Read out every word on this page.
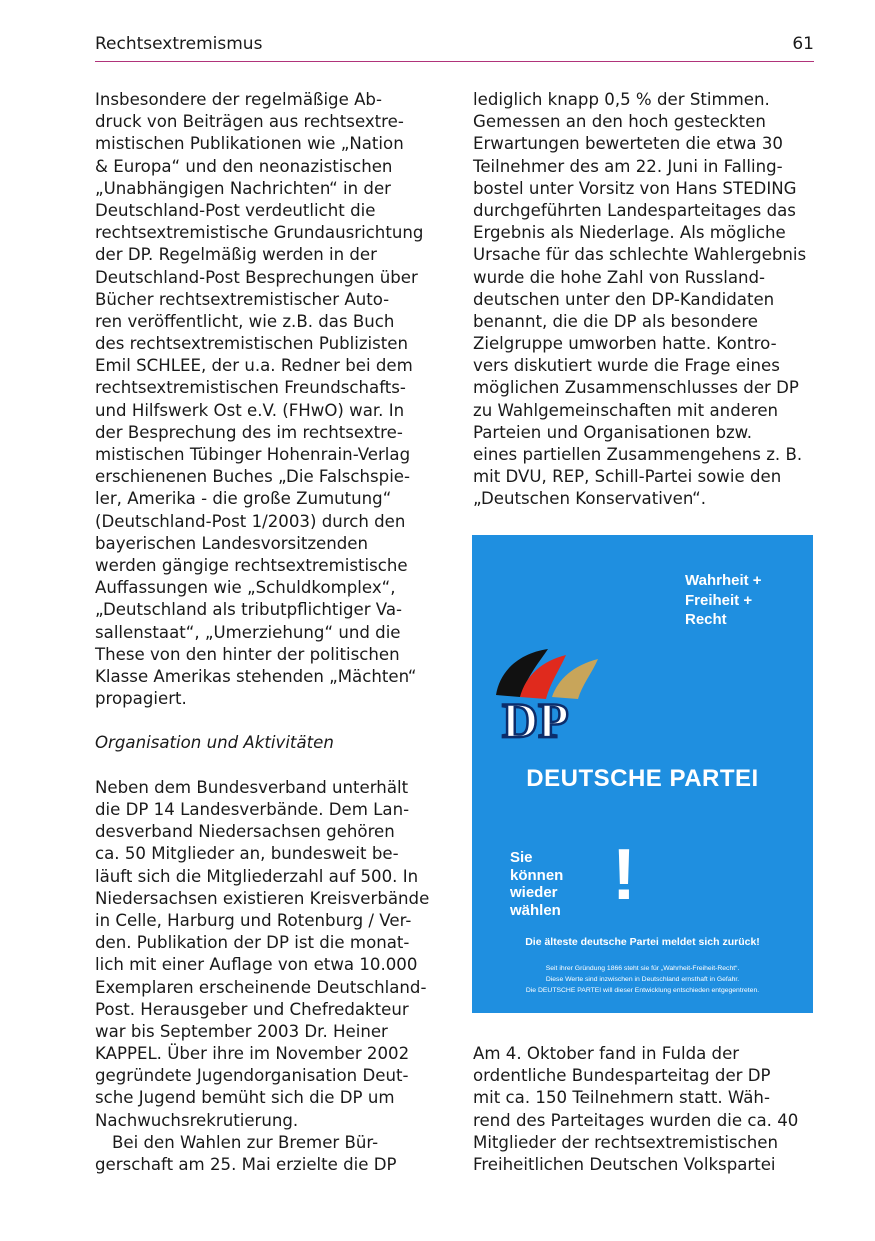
Rechtsextremismus	61
Insbesondere der regelmäßige Ab-
druck von Beiträgen aus rechtsextre-
mistischen Publikationen wie „Nation
& Europa“ und den neonazistischen
„Unabhängigen Nachrichten“ in der
Deutschland-Post verdeutlicht die
rechtsextremistische Grundausrichtung
der DP. Regelmäßig werden in der
Deutschland-Post Besprechungen über
Bücher rechtsextremistischer Auto-
ren veröffentlicht, wie z.B. das Buch
des rechtsextremistischen Publizisten
Emil SCHLEE, der u.a. Redner bei dem
rechtsextremistischen Freundschafts-
und Hilfswerk Ost e.V. (FHwO) war. In
der Besprechung des im rechtsextre-
mistischen Tübinger Hohenrain-Verlag
erschienenen Buches „Die Falschspie-
ler, Amerika - die große Zumutung“
(Deutschland-Post 1/2003) durch den
bayerischen Landesvorsitzenden
werden gängige rechtsextremistische
Auffassungen wie „Schuldkomplex“,
„Deutschland als tributpflichtiger Va-
sallenstaat“, „Umerziehung“ und die
These von den hinter der politischen
Klasse Amerikas stehenden „Mächten“
propagiert.
Organisation und Aktivitäten
Neben dem Bundesverband unterhält
die DP 14 Landesverbände. Dem Lan-
desverband Niedersachsen gehören
ca. 50 Mitglieder an, bundesweit be-
läuft sich die Mitgliederzahl auf 500. In
Niedersachsen existieren Kreisverbände
in Celle, Harburg und Rotenburg / Ver-
den. Publikation der DP ist die monat-
lich mit einer Auflage von etwa 10.000
Exemplaren erscheinende Deutschland-
Post. Herausgeber und Chefredakteur
war bis September 2003 Dr. Heiner
KAPPEL. Über ihre im November 2002
gegründete Jugendorganisation Deut-
sche Jugend bemüht sich die DP um
Nachwuchsrekrutierung.
Bei den Wahlen zur Bremer Bür-
gerschaft am 25. Mai erzielte die DP
lediglich knapp 0,5 % der Stimmen.
Gemessen an den hoch gesteckten
Erwartungen bewerteten die etwa 30
Teilnehmer des am 22. Juni in Falling-
bostel unter Vorsitz von Hans STEDING
durchgeführten Landesparteitages das
Ergebnis als Niederlage. Als mögliche
Ursache für das schlechte Wahlergebnis
wurde die hohe Zahl von Russland-
deutschen unter den DP-Kandidaten
benannt, die die DP als besondere
Zielgruppe umworben hatte. Kontro-
vers diskutiert wurde die Frage eines
möglichen Zusammenschlusses der DP
zu Wahlgemeinschaften mit anderen
Parteien und Organisationen bzw.
eines partiellen Zusammengehens z. B.
mit DVU, REP, Schill-Partei sowie den
„Deutschen Konservativen“.
Wahrheit +
Freiheit +
Recht
DP
DEUTSCHE PARTEI
Sie
können
wieder
wählen !
Die älteste deutsche Partei meldet sich zurück!
Seit ihrer Gründung 1866 steht sie für „Wahrheit-Freiheit-Recht“.
Diese Werte sind inzwischen in Deutschland ernsthaft in Gefahr.
Die DEUTSCHE PARTEI will dieser Entwicklung entschieden entgegentreten.
Am 4. Oktober fand in Fulda der
ordentliche Bundesparteitag der DP
mit ca. 150 Teilnehmern statt. Wäh-
rend des Parteitages wurden die ca. 40
Mitglieder der rechtsextremistischen
Freiheitlichen Deutschen Volkspartei
